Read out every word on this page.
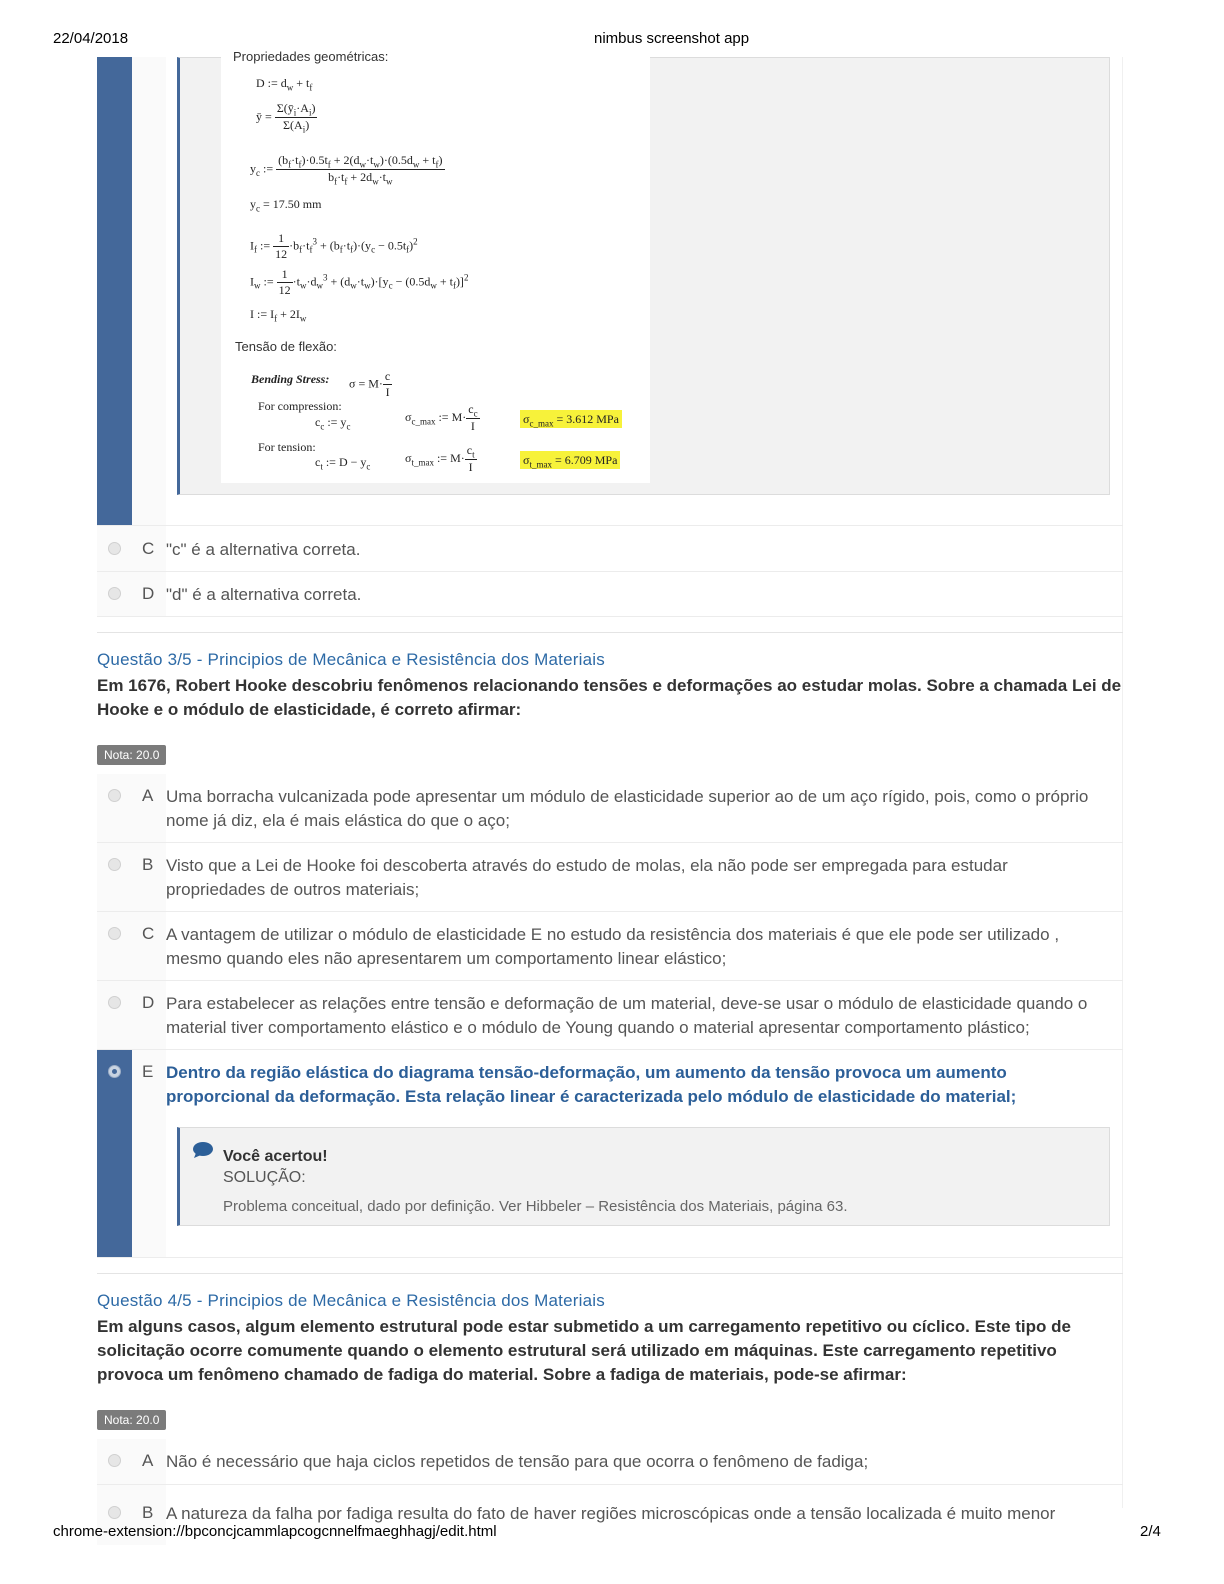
22/04/2018	nimbus screenshot app
Propriedades geométricas:
D := $d_w + t_f$
ȳ = $\frac{\Sigma(ȳ_i\cdot A_i)}{\Sigma(A_i)}$
$y_c$ := $\frac{(b_f\cdot t_f)\cdot 0.5t_f + 2(d_w\cdot t_w)\cdot(0.5d_w + t_f)}{b_f\cdot t_f + 2d_w\cdot t_w}$
$y_c = 17.50$ mm
$I_f$ := $\frac{1}{12} \cdot b_f\cdot t_f^3 + (b_f\cdot t_f)\cdot(y_c - 0.5t_f)^2$
$I_w$ := $\frac{1}{12} \cdot t_w\cdot d_w^3 + (d_w\cdot t_w)\cdot[y_c - (0.5d_w + t_f)]^2$
I := $I_f + 2I_w$
Tensão de flexão:
Bending Stress: $\sigma = M\cdot \frac{c}{I}$
For compression:
$c_c$ := $y_c$
$\sigma_{c\_max}$ := $M\cdot \frac{c_c}{I}$	$\sigma_{c\_max} = 3.612$ MPa
For tension:
$c_t$ := $D - y_c$
$\sigma_{t\_max}$ := $M\cdot \frac{c_t}{I}$	$\sigma_{t\_max} = 6.709$ MPa
C "c" é a alternativa correta.
D "d" é a alternativa correta.
Questão 3/5 - Principios de Mecânica e Resistência dos Materiais
Em 1676, Robert Hooke descobriu fenômenos relacionando tensões e deformações ao estudar molas. Sobre a chamada Lei de Hooke e o módulo de elasticidade, é correto afirmar:
Nota: 20.0
A Uma borracha vulcanizada pode apresentar um módulo de elasticidade superior ao de um aço rígido, pois, como o próprio nome já diz, ela é mais elástica do que o aço;
B Visto que a Lei de Hooke foi descoberta através do estudo de molas, ela não pode ser empregada para estudar propriedades de outros materiais;
C A vantagem de utilizar o módulo de elasticidade E no estudo da resistência dos materiais é que ele pode ser utilizado , mesmo quando eles não apresentarem um comportamento linear elástico;
D Para estabelecer as relações entre tensão e deformação de um material, deve-se usar o módulo de elasticidade quando o material tiver comportamento elástico e o módulo de Young quando o material apresentar comportamento plástico;
E Dentro da região elástica do diagrama tensão-deformação, um aumento da tensão provoca um aumento proporcional da deformação. Esta relação linear é caracterizada pelo módulo de elasticidade do material;
Você acertou!
SOLUÇÃO:
Problema conceitual, dado por definição. Ver Hibbeler – Resistência dos Materiais, página 63.
Questão 4/5 - Principios de Mecânica e Resistência dos Materiais
Em alguns casos, algum elemento estrutural pode estar submetido a um carregamento repetitivo ou cíclico. Este tipo de solicitação ocorre comumente quando o elemento estrutural será utilizado em máquinas. Este carregamento repetitivo provoca um fenômeno chamado de fadiga do material. Sobre a fadiga de materiais, pode-se afirmar:
Nota: 20.0
A Não é necessário que haja ciclos repetidos de tensão para que ocorra o fenômeno de fadiga;
B A natureza da falha por fadiga resulta do fato de haver regiões microscópicas onde a tensão localizada é muito menor
chrome-extension://bpconcjcammlapcogcnnelfmaeghhagj/edit.html	2/4
